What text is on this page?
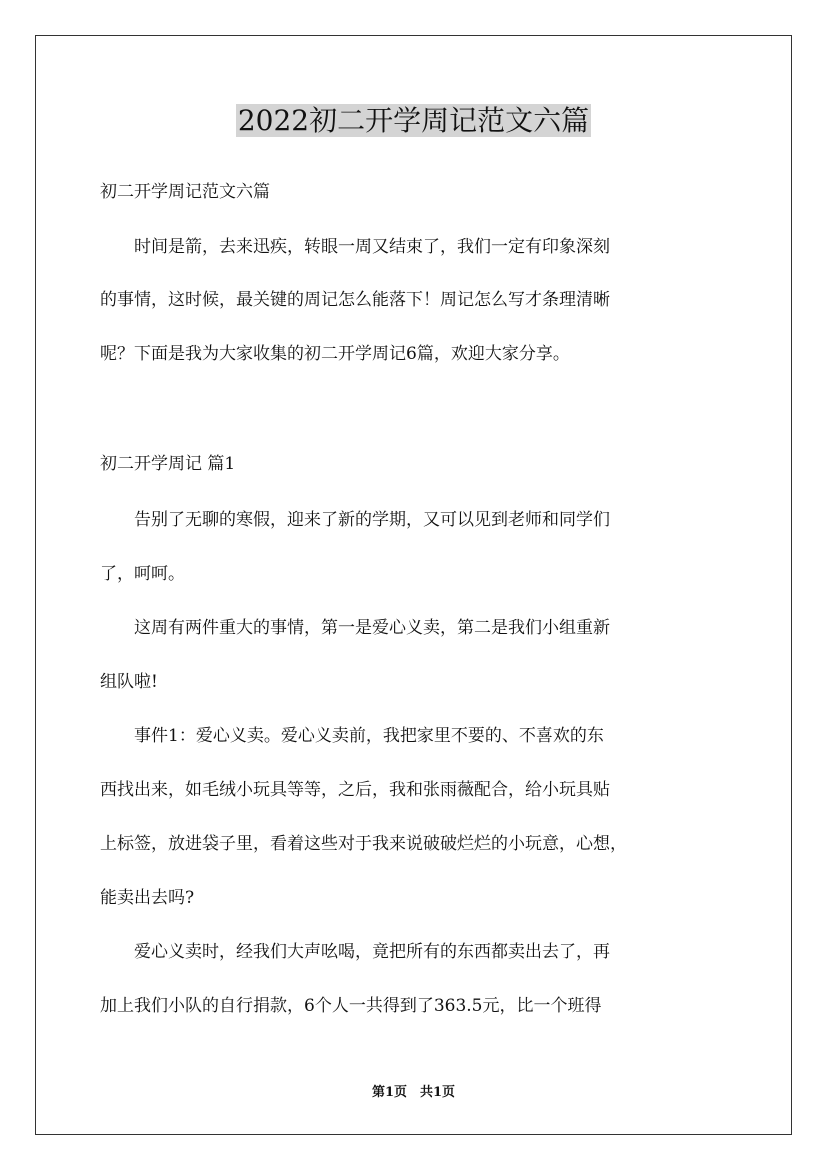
2022初二开学周记范文六篇

初二开学周记范文六篇

　　时间是箭，去来迅疾，转眼一周又结束了，我们一定有印象深刻

的事情，这时候，最关键的周记怎么能落下！周记怎么写才条理清晰

呢？下面是我为大家收集的初二开学周记6篇，欢迎大家分享。

初二开学周记 篇1

　　告别了无聊的寒假，迎来了新的学期，又可以见到老师和同学们

了，呵呵。

　　这周有两件重大的事情，第一是爱心义卖，第二是我们小组重新

组队啦!

　　事件1：爱心义卖。爱心义卖前，我把家里不要的、不喜欢的东

西找出来，如毛绒小玩具等等，之后，我和张雨薇配合，给小玩具贴

上标签，放进袋子里，看着这些对于我来说破破烂烂的小玩意，心想，

能卖出去吗?

　　爱心义卖时，经我们大声吆喝，竟把所有的东西都卖出去了，再

加上我们小队的自行捐款，6个人一共得到了363.5元，比一个班得

第1页　共1页
